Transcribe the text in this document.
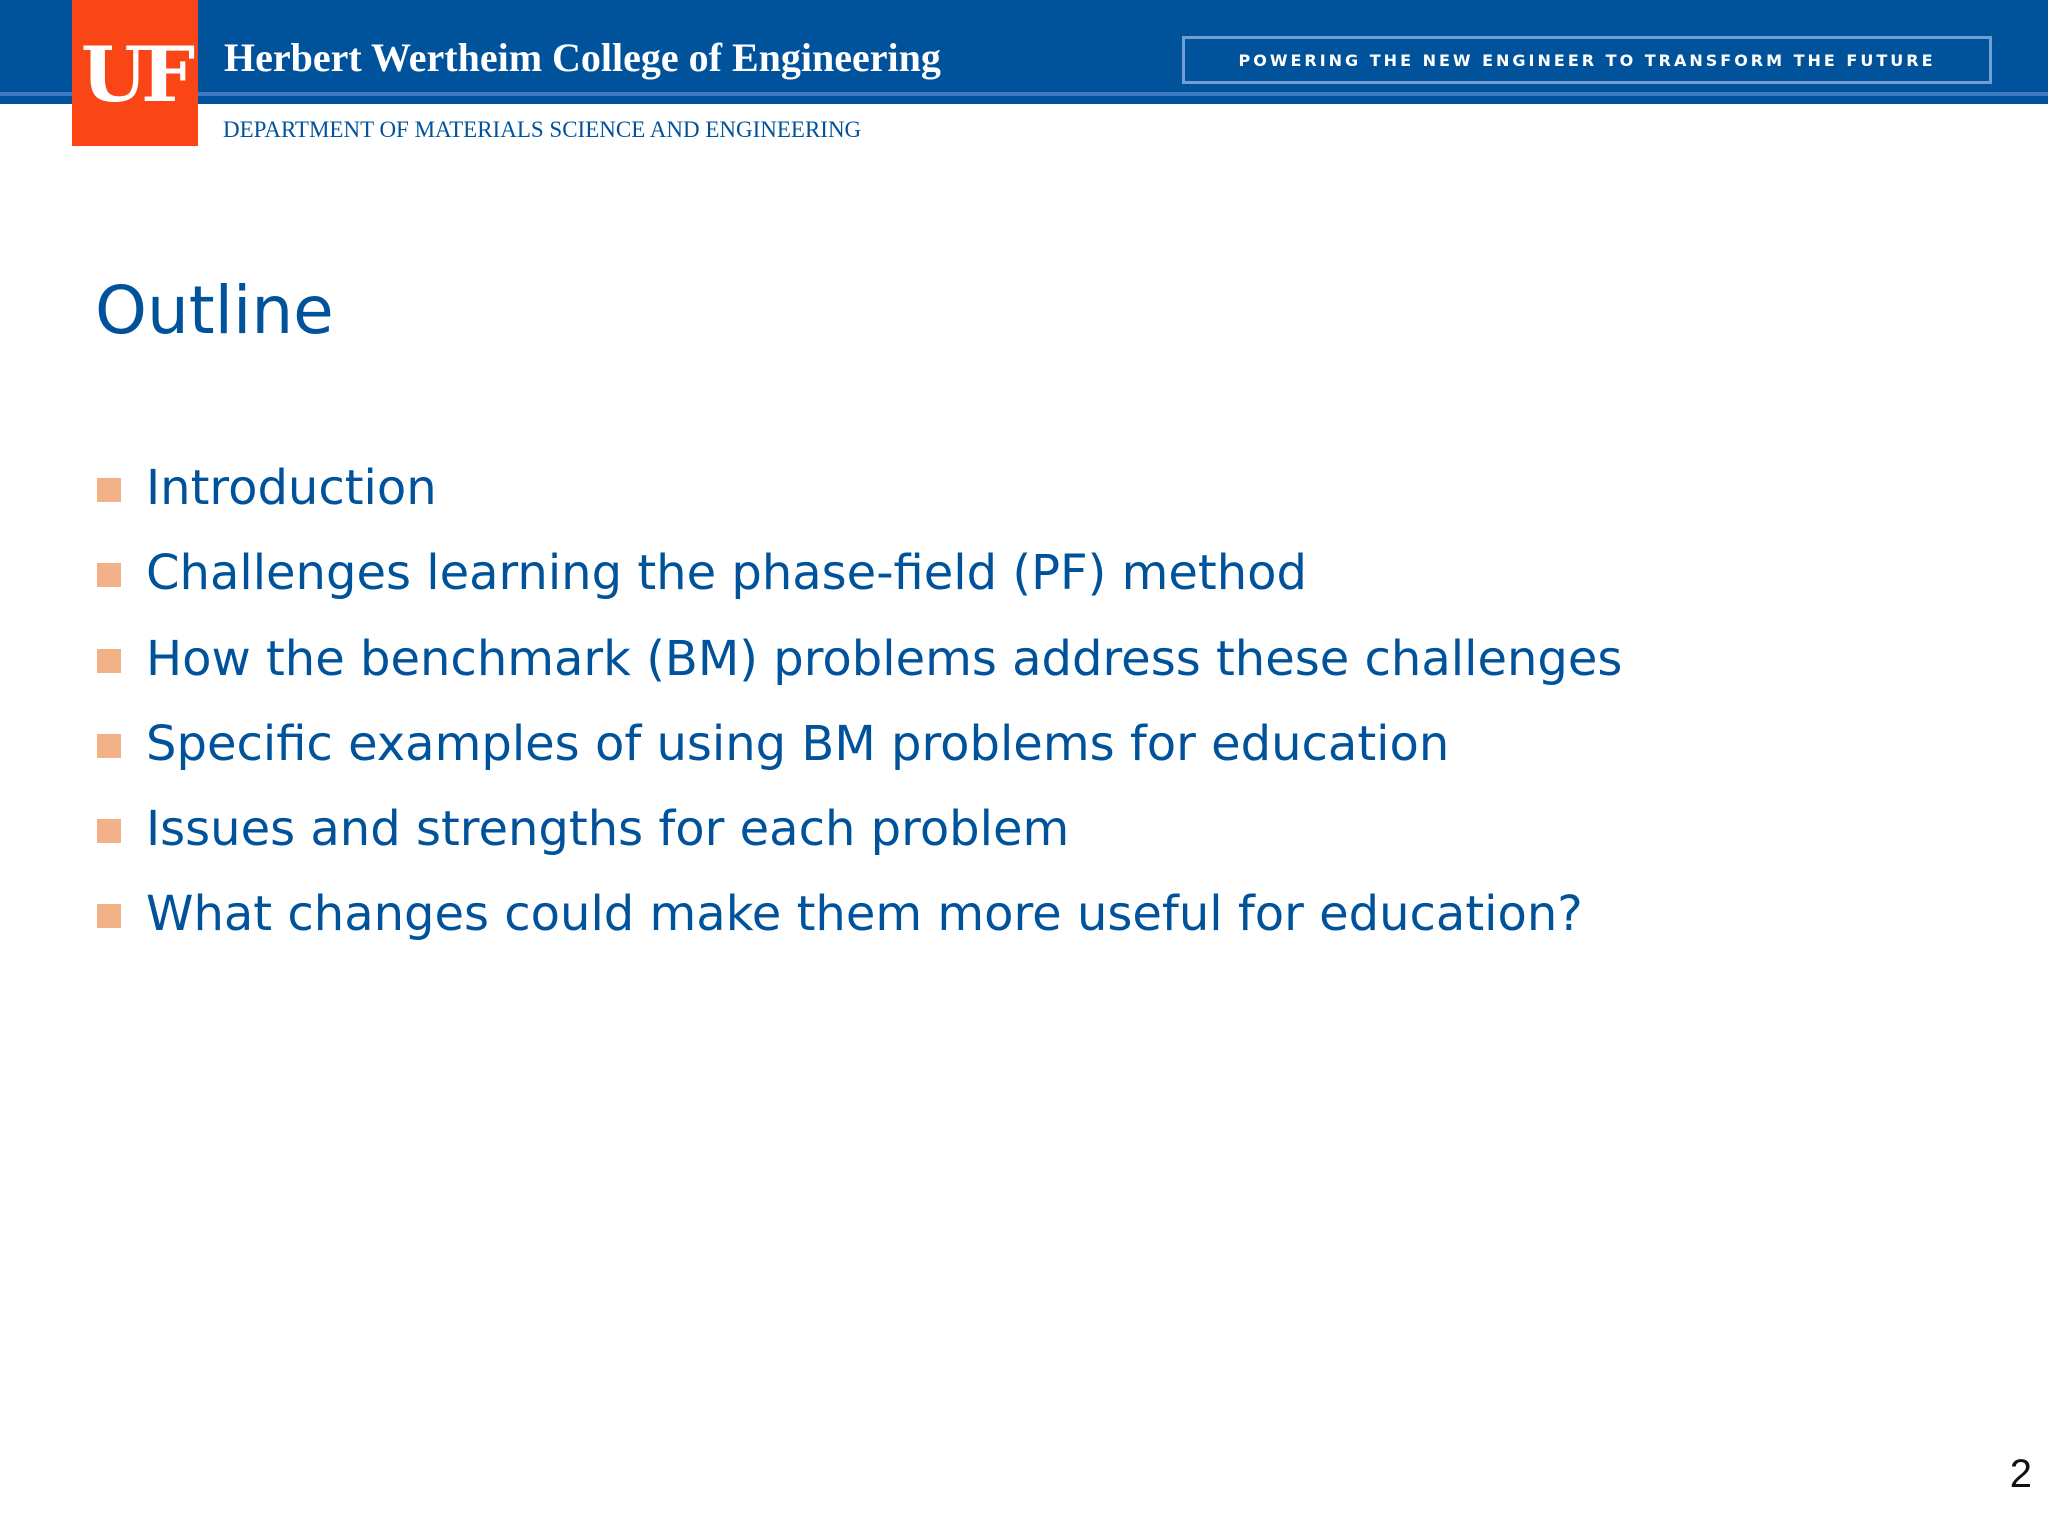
UF Herbert Wertheim College of Engineering	POWERING THE NEW ENGINEER TO TRANSFORM THE FUTURE
DEPARTMENT OF MATERIALS SCIENCE AND ENGINEERING
Outline
Introduction
Challenges learning the phase-field (PF) method
How the benchmark (BM) problems address these challenges
Specific examples of using BM problems for education
Issues and strengths for each problem
What changes could make them more useful for education?
2
